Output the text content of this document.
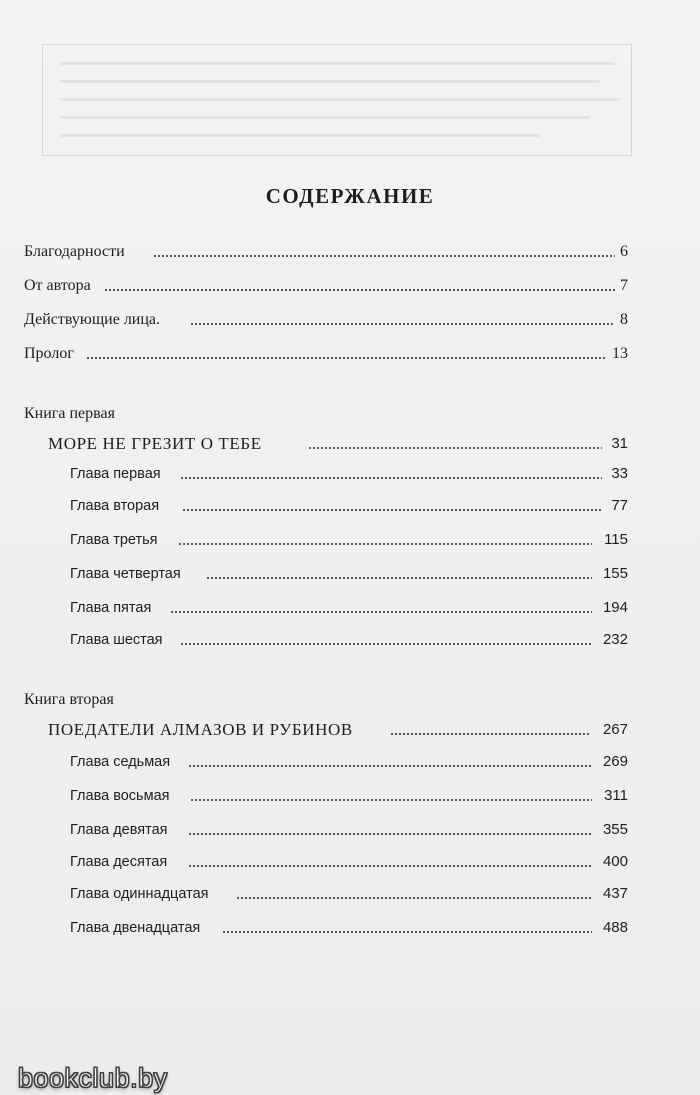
СОДЕРЖАНИЕ
Благодарности	6
От автора	7
Действующие лица.	8
Пролог	13
Книга первая
МОРЕ НЕ ГРЕЗИТ О ТЕБЕ	31
Глава первая	33
Глава вторая	77
Глава третья	115
Глава четвертая	155
Глава пятая	194
Глава шестая	232
Книга вторая
ПОЕДАТЕЛИ АЛМАЗОВ И РУБИНОВ	267
Глава седьмая	269
Глава восьмая	311
Глава девятая	355
Глава десятая	400
Глава одиннадцатая	437
Глава двенадцатая	488
bookclub.by
